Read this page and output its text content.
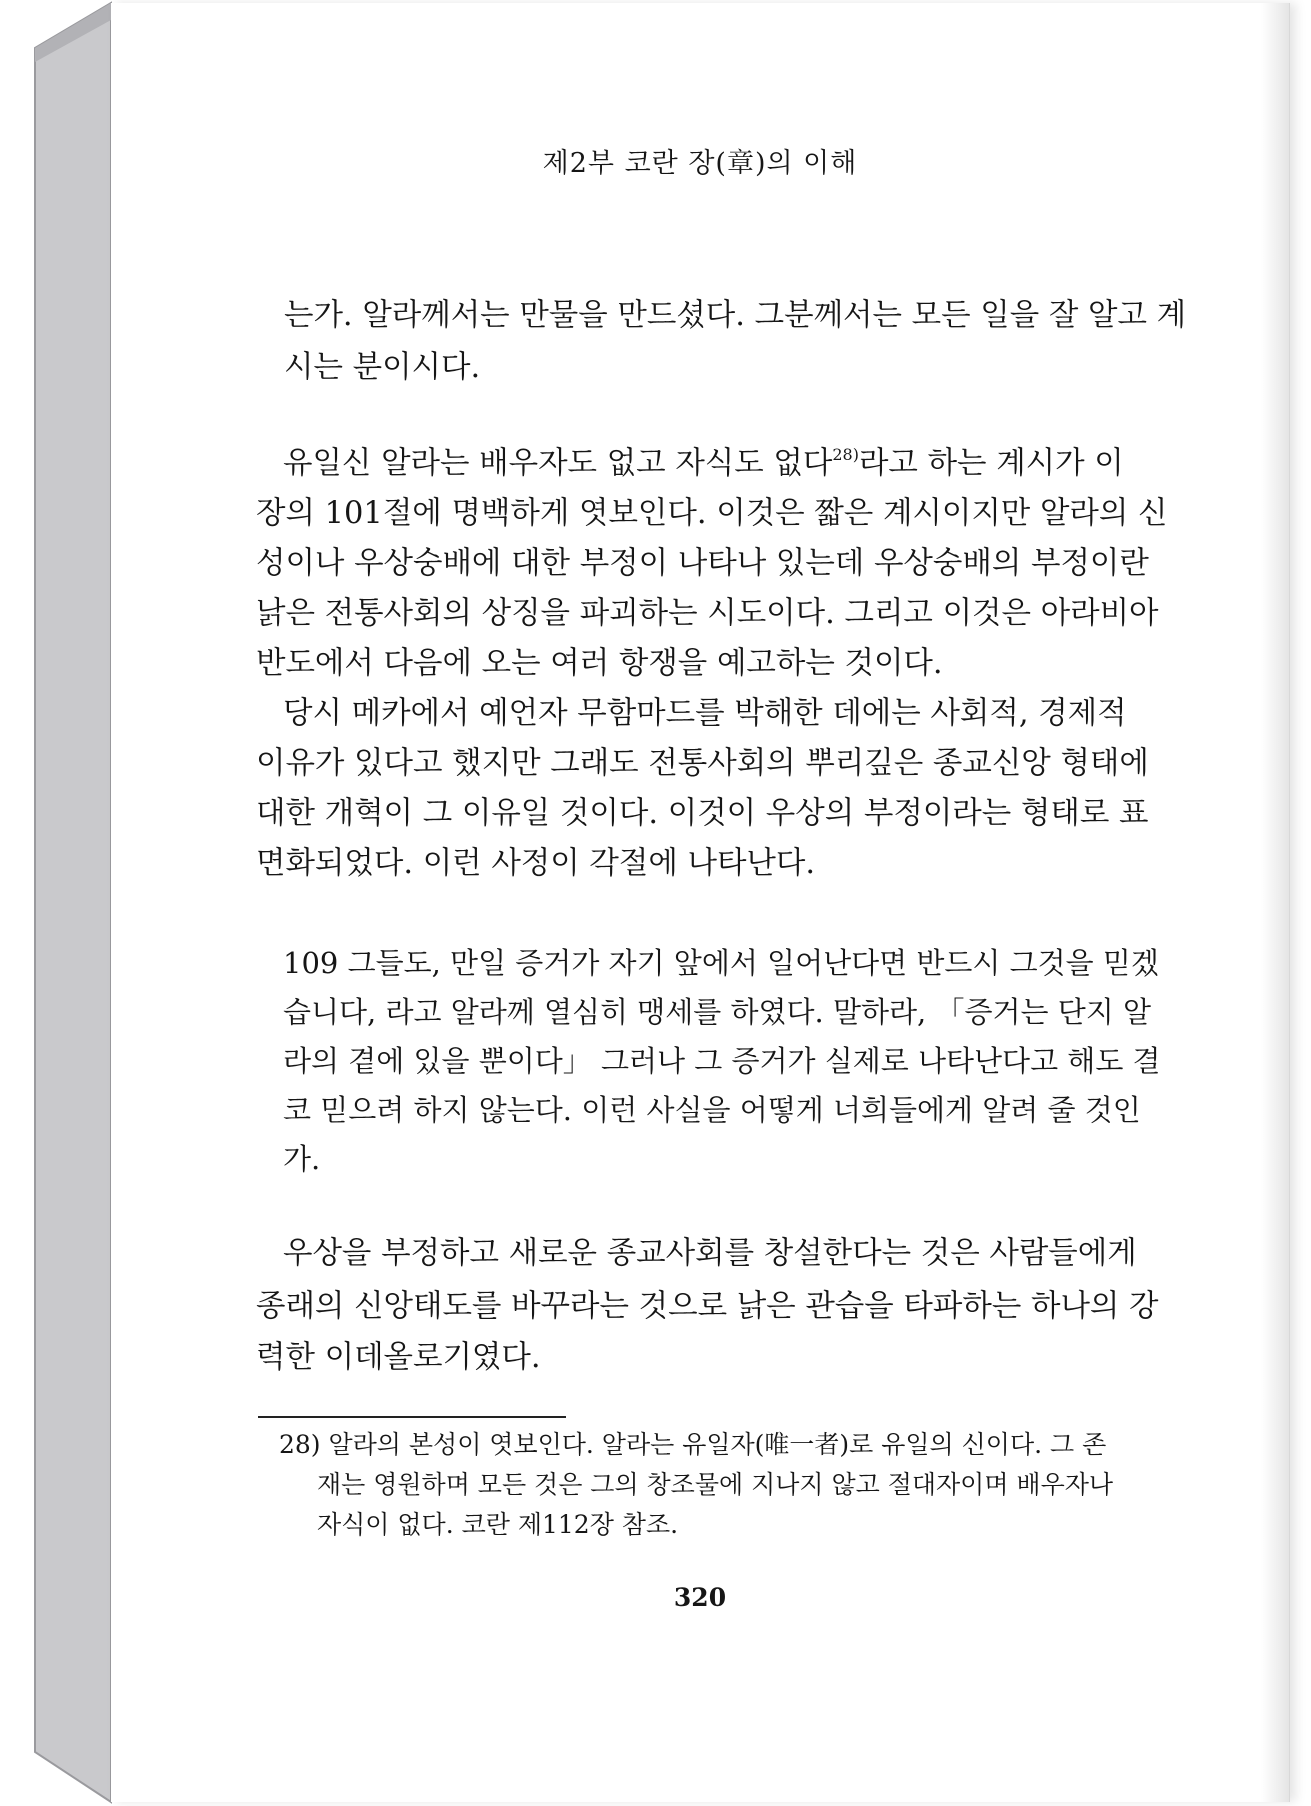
제2부 코란 장(章)의 이해
는가. 알라께서는 만물을 만드셨다. 그분께서는 모든 일을 잘 알고 계
시는 분이시다.
유일신 알라는 배우자도 없고 자식도 없다$^{28)}$라고 하는 계시가 이
장의 101절에 명백하게 엿보인다. 이것은 짧은 계시이지만 알라의 신
성이나 우상숭배에 대한 부정이 나타나 있는데 우상숭배의 부정이란
낡은 전통사회의 상징을 파괴하는 시도이다. 그리고 이것은 아라비아
반도에서 다음에 오는 여러 항쟁을 예고하는 것이다.
당시 메카에서 예언자 무함마드를 박해한 데에는 사회적, 경제적
이유가 있다고 했지만 그래도 전통사회의 뿌리깊은 종교신앙 형태에
대한 개혁이 그 이유일 것이다. 이것이 우상의 부정이라는 형태로 표
면화되었다. 이런 사정이 각절에 나타난다.
109 그들도, 만일 증거가 자기 앞에서 일어난다면 반드시 그것을 믿겠
습니다, 라고 알라께 열심히 맹세를 하였다. 말하라, 「증거는 단지 알
라의 곁에 있을 뿐이다」 그러나 그 증거가 실제로 나타난다고 해도 결
코 믿으려 하지 않는다. 이런 사실을 어떻게 너희들에게 알려 줄 것인
가.
우상을 부정하고 새로운 종교사회를 창설한다는 것은 사람들에게
종래의 신앙태도를 바꾸라는 것으로 낡은 관습을 타파하는 하나의 강
력한 이데올로기였다.
28) 알라의 본성이 엿보인다. 알라는 유일자(唯一者)로 유일의 신이다. 그 존
재는 영원하며 모든 것은 그의 창조물에 지나지 않고 절대자이며 배우자나
자식이 없다. 코란 제112장 참조.
320
